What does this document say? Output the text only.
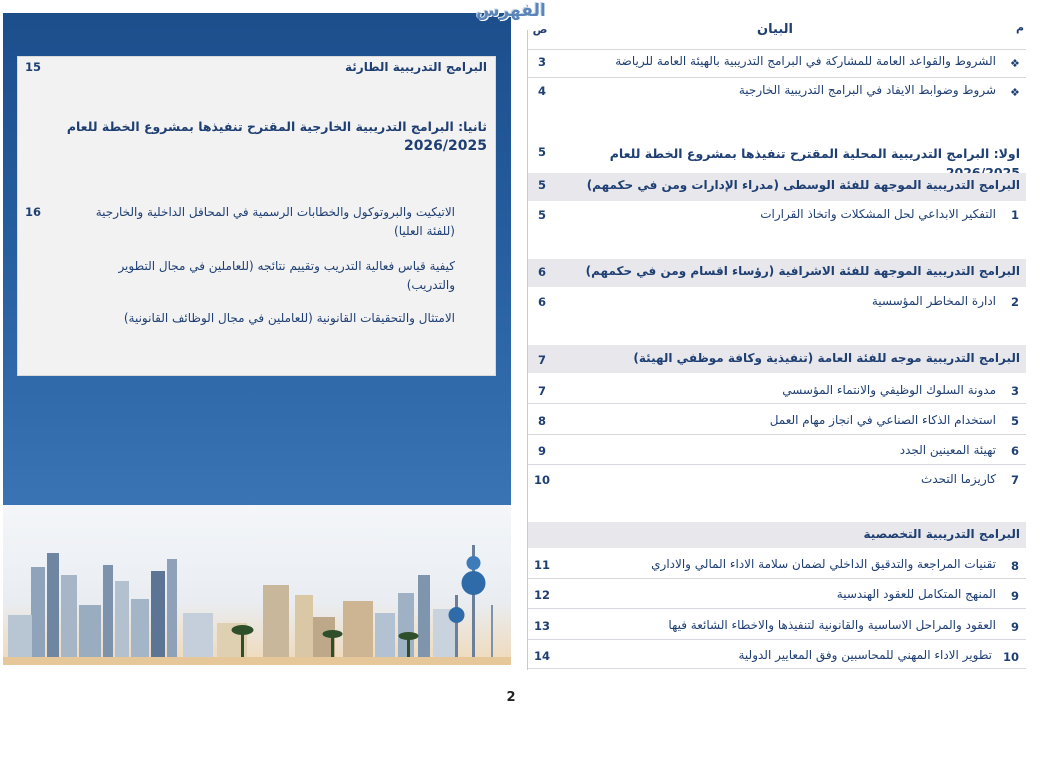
البرامج التدريبية الطارئة
15
ثانيا: البرامج التدريبية الخارجية المقترح تنفيذها بمشروع الخطة للعام
2026/2025
الاتيكيت والبروتوكول والخطابات الرسمية في المحافل الداخلية والخارجية
(للفئة العليا)
16
كيفية قياس فعالية التدريب وتقييم نتائجه (للعاملين في مجال التطوير
والتدريب)
الامتثال والتحقيقات القانونية (للعاملين في مجال الوظائف القانونية)
الفهرس
م
البيان
ص
❖
الشروط والقواعد العامة للمشاركة في البرامج التدريبية بالهيئة العامة للرياضة
3
❖
شروط وضوابط الايفاد في البرامج التدريبية الخارجية
4
اولا: البرامج التدريبية المحلية المقترح تنفيذها بمشروع الخطة للعام
5
البرامج التدريبية الموجهة للفئة الوسطى (مدراء الإدارات ومن في حكمهم)
5
1
التفكير الابداعي لحل المشكلات واتخاذ القرارات
5
البرامج التدريبية الموجهة للفئة الاشرافية (رؤساء اقسام ومن في حكمهم)
6
2
ادارة المخاطر المؤسسية
6
البرامج التدريبية موجه للفئة العامة (تنفيذية وكافة موظفي الهيئة)
7
3
مدونة السلوك الوظيفي والانتماء المؤسسي
7
5
استخدام الذكاء الصناعي في انجاز مهام العمل
8
6
تهيئة المعينين الجدد
9
7
كاريزما التحدث
10
البرامج التدريبية التخصصية
8
تقنيات المراجعة والتدقيق الداخلي لضمان سلامة الاداء المالي والاداري
11
9
المنهج المتكامل للعقود الهندسية
12
9
العقود والمراحل الاساسية والقانونية لتنفيذها والاخطاء الشائعة فيها
13
10
تطوير الاداء المهني للمحاسبين وفق المعايير الدولية
14
2
